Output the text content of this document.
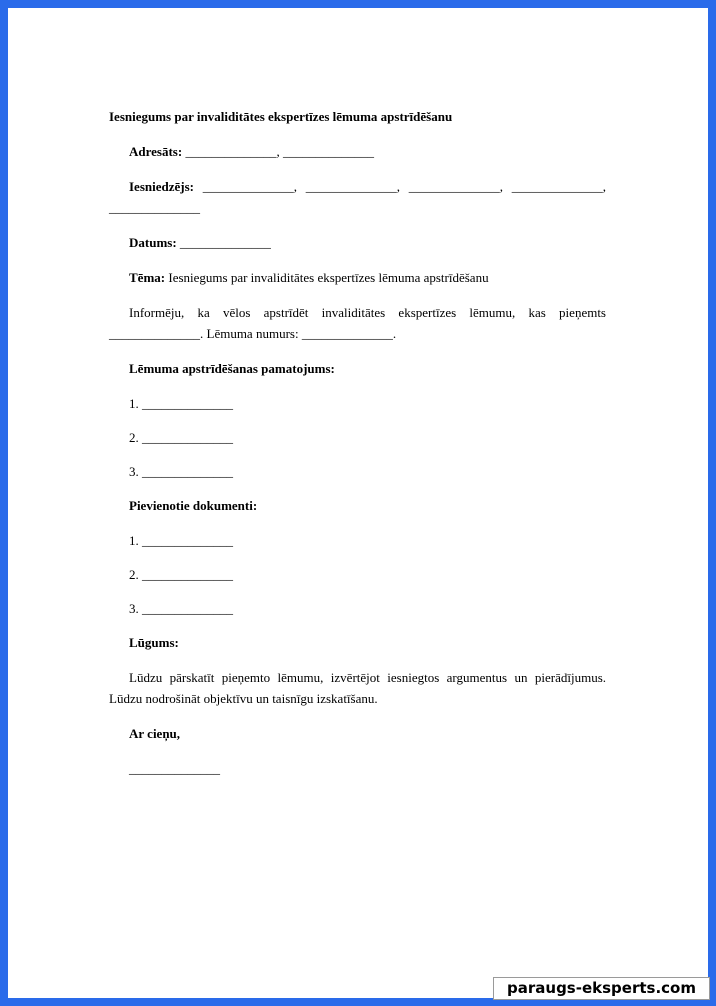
Iesniegums par invaliditātes ekspertīzes lēmuma apstrīdēšanu
Adresāts: ______________, ______________
Iesniedzējs: ______________, ______________, ______________, ______________, ______________
Datums: ______________
Tēma: Iesniegums par invaliditātes ekspertīzes lēmuma apstrīdēšanu
Informēju, ka vēlos apstrīdēt invaliditātes ekspertīzes lēmumu, kas pieņemts ______________. Lēmuma numurs: ______________.
Lēmuma apstrīdēšanas pamatojums:
1. ______________
2. ______________
3. ______________
Pievienotie dokumenti:
1. ______________
2. ______________
3. ______________
Lūgums:
Lūdzu pārskatīt pieņemto lēmumu, izvērtējot iesniegtos argumentus un pierādījumus. Lūdzu nodrošināt objektīvu un taisnīgu izskatīšanu.
Ar cieņu,
______________
paraugs-eksperts.com
